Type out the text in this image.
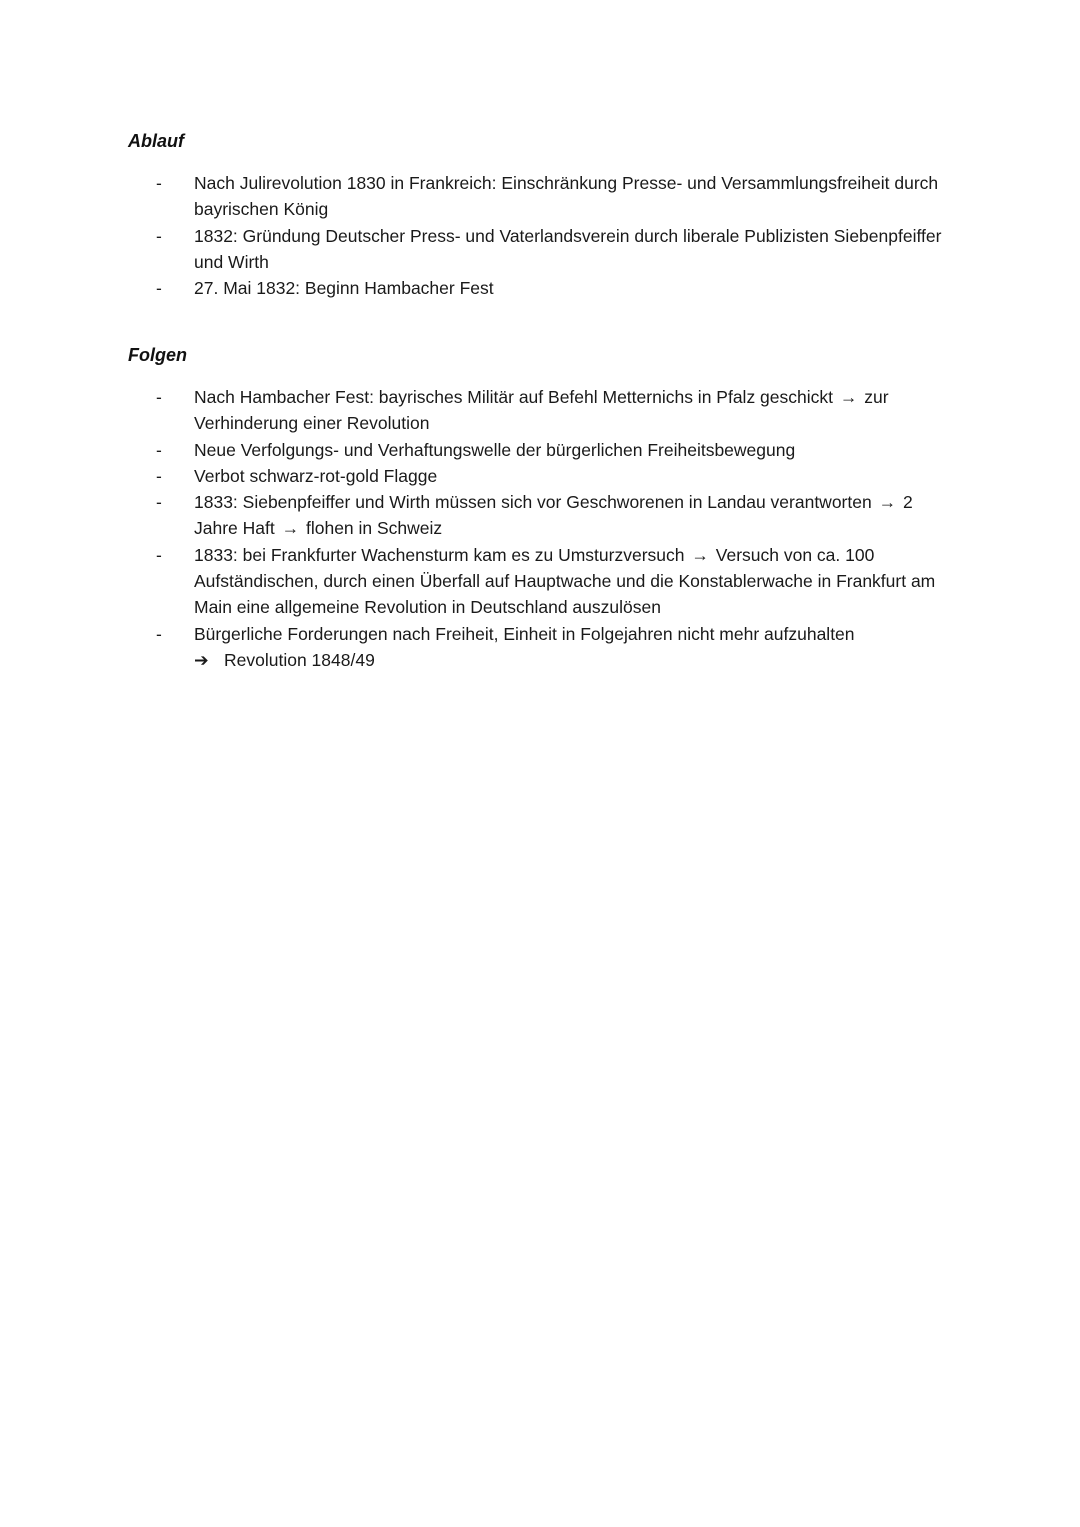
Ablauf
-	Nach Julirevolution 1830 in Frankreich: Einschränkung Presse- und Versammlungsfreiheit durch bayrischen König
-	1832: Gründung Deutscher Press- und Vaterlandsverein durch liberale Publizisten Siebenpfeiffer und Wirth
-	27. Mai 1832: Beginn Hambacher Fest
Folgen
-	Nach Hambacher Fest: bayrisches Militär auf Befehl Metternichs in Pfalz geschickt → zur Verhinderung einer Revolution
-	Neue Verfolgungs- und Verhaftungswelle der bürgerlichen Freiheitsbewegung
-	Verbot schwarz-rot-gold Flagge
-	1833: Siebenpfeiffer und Wirth müssen sich vor Geschworenen in Landau verantworten → 2 Jahre Haft → flohen in Schweiz
-	1833: bei Frankfurter Wachensturm kam es zu Umsturzversuch → Versuch von ca. 100 Aufständischen, durch einen Überfall auf Hauptwache und die Konstablerwache in Frankfurt am Main eine allgemeine Revolution in Deutschland auszulösen
-	Bürgerliche Forderungen nach Freiheit, Einheit in Folgejahren nicht mehr aufzuhalten
➔ Revolution 1848/49
